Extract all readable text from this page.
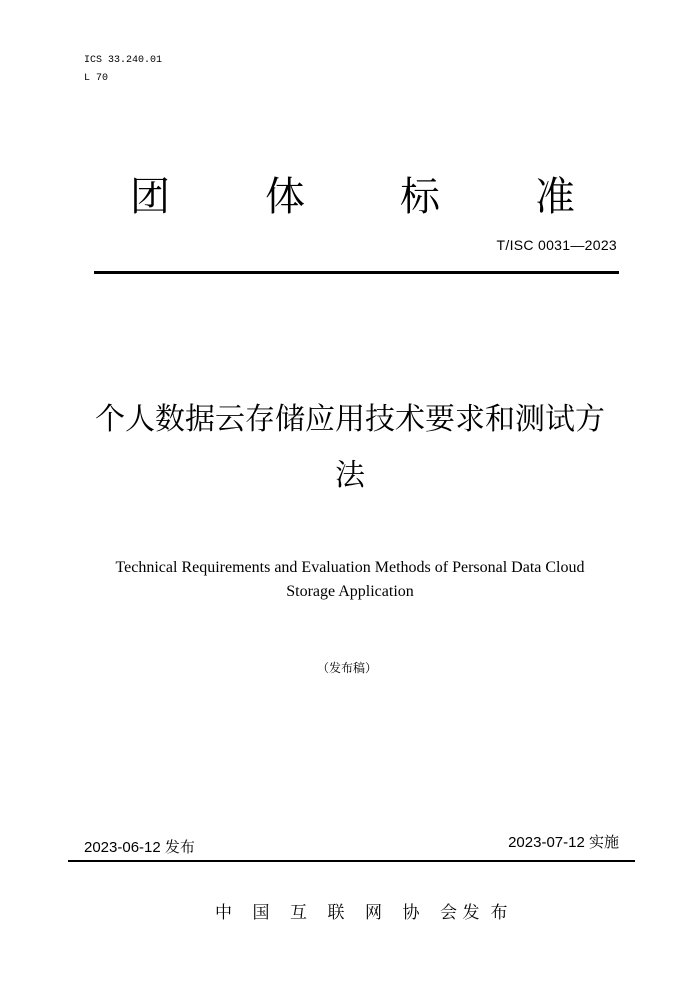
ICS 33.240.01
L 70
团体标准
T/ISC 0031—2023
个人数据云存储应用技术要求和测试方法
Technical Requirements and Evaluation Methods of Personal Data Cloud Storage Application
（发布稿）
2023-06-12 发布	2023-07-12 实施
中国互联网协会发布
